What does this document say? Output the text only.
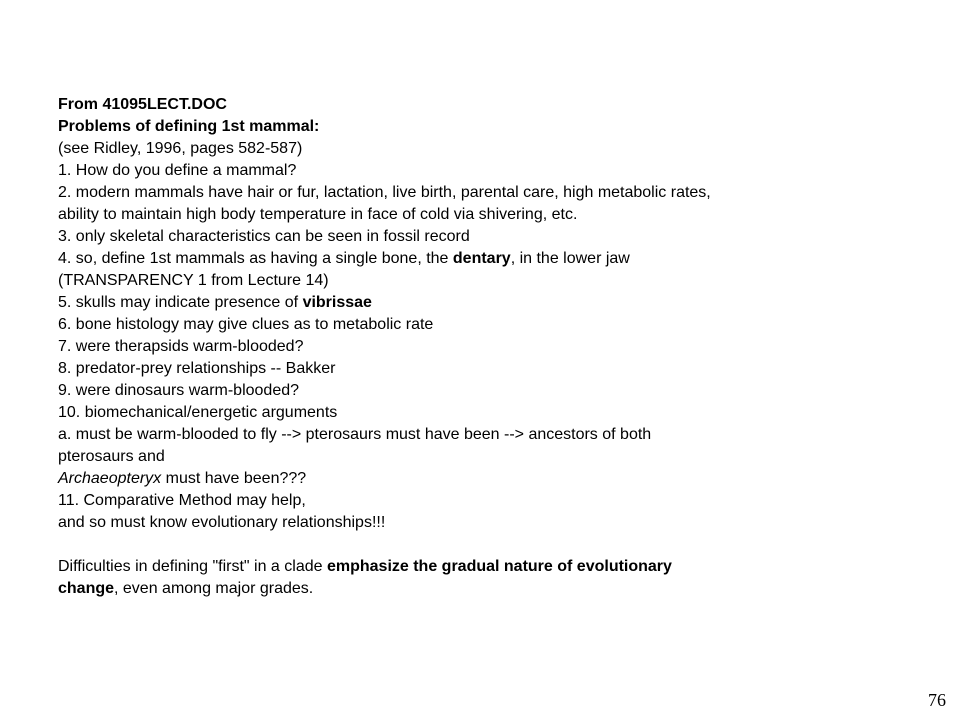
From 41095LECT.DOC
Problems of defining 1st mammal:
(see Ridley, 1996, pages 582-587)
1. How do you define a mammal?
2. modern mammals have hair or fur, lactation, live birth, parental care, high metabolic rates,
ability to maintain high body temperature in face of cold via shivering, etc.
3. only skeletal characteristics can be seen in fossil record
4. so, define 1st mammals as having a single bone, the dentary, in the lower jaw
(TRANSPARENCY 1 from Lecture 14)
5. skulls may indicate presence of vibrissae
6. bone histology may give clues as to metabolic rate
7. were therapsids warm-blooded?
8. predator-prey relationships -- Bakker
9. were dinosaurs warm-blooded?
10. biomechanical/energetic arguments
a. must be warm-blooded to fly --> pterosaurs must have been --> ancestors of both
pterosaurs and
Archaeopteryx must have been???
11. Comparative Method may help,
and so must know evolutionary relationships!!!
Difficulties in defining "first" in a clade emphasize the gradual nature of evolutionary
change, even among major grades.
76
